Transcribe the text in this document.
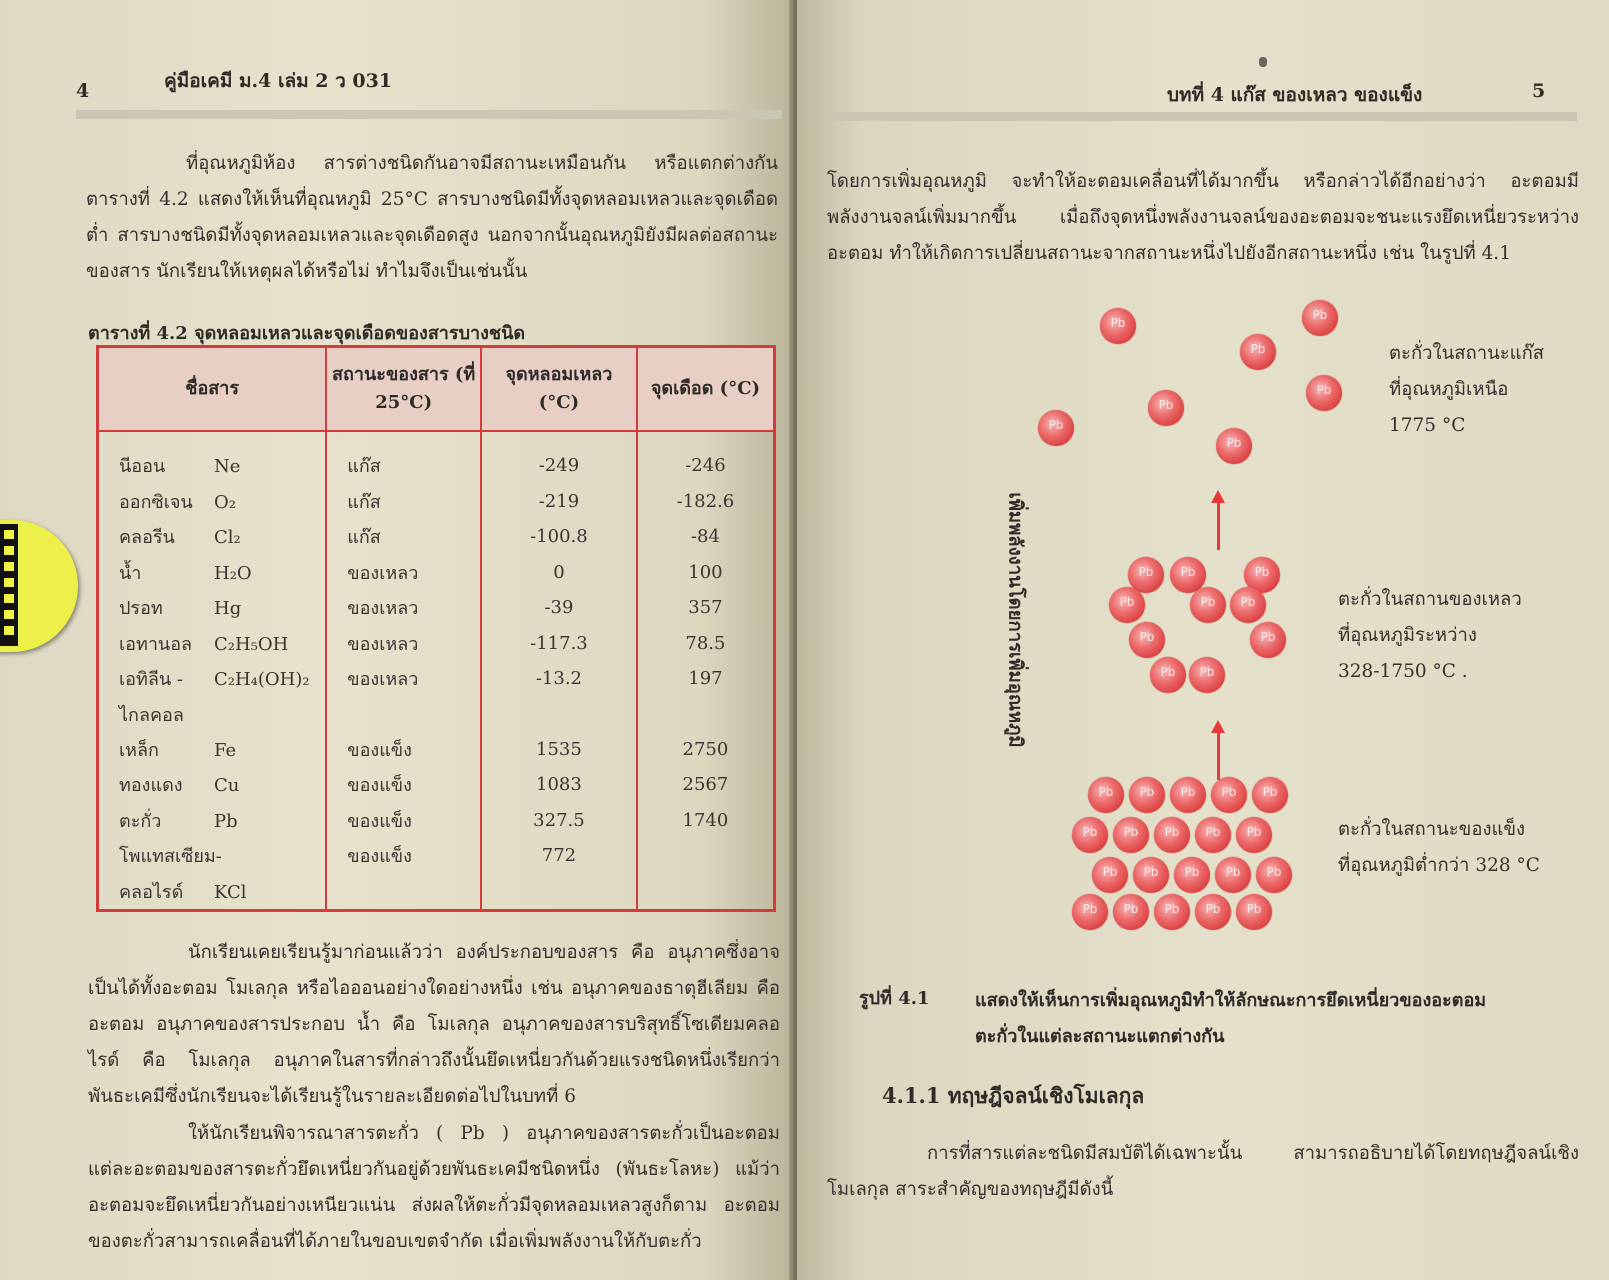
4	คู่มือเคมี ม.4 เล่ม 2 ว 031

ที่อุณหภูมิห้อง สารต่างชนิดกันอาจมีสถานะเหมือนกัน หรือแตกต่างกัน ตารางที่ 4.2 แสดงให้เห็นที่อุณหภูมิ 25°C สารบางชนิดมีทั้งจุดหลอมเหลวและจุดเดือดต่ำ สารบางชนิดมีทั้งจุดหลอมเหลวและจุดเดือดสูง นอกจากนั้นอุณหภูมิยังมีผลต่อสถานะของสาร นักเรียนให้เหตุผลได้หรือไม่ ทำไมจึงเป็นเช่นนั้น

ตารางที่ 4.2 จุดหลอมเหลวและจุดเดือดของสารบางชนิด
ชื่อสาร	สถานะของสาร (ที่ 25°C)	จุดหลอมเหลว (°C)	จุดเดือด (°C)
นีออน Ne	แก๊ส	-249	-246
ออกซิเจน O₂	แก๊ส	-219	-182.6
คลอรีน Cl₂	แก๊ส	-100.8	-84
น้ำ H₂O	ของเหลว	0	100
ปรอท Hg	ของเหลว	-39	357
เอทานอล C₂H₅OH	ของเหลว	-117.3	78.5
เอทิลีน - C₂H₄(OH)₂	ของเหลว	-13.2	197
ไกลคอล			
เหล็ก Fe	ของแข็ง	1535	2750
ทองแดง Cu	ของแข็ง	1083	2567
ตะกั่ว Pb	ของแข็ง	327.5	1740
โพแทสเซียม-	ของแข็ง	772	
คลอไรด์ KCl			

นักเรียนเคยเรียนรู้มาก่อนแล้วว่า องค์ประกอบของสาร คือ อนุภาคซึ่งอาจเป็นได้ทั้งอะตอม โมเลกุล หรือไอออนอย่างใดอย่างหนึ่ง เช่น อนุภาคของธาตุฮีเลียม คือ อะตอม อนุภาคของสารประกอบ น้ำ คือ โมเลกุล อนุภาคของสารบริสุทธิ์โซเดียมคลอไรด์ คือ โมเลกุล อนุภาคในสารที่กล่าวถึงนั้นยึดเหนี่ยวกันด้วยแรงชนิดหนึ่งเรียกว่า พันธะเคมีซึ่งนักเรียนจะได้เรียนรู้ในรายละเอียดต่อไปในบทที่ 6

ให้นักเรียนพิจารณาสารตะกั่ว ( Pb ) อนุภาคของสารตะกั่วเป็นอะตอม แต่ละอะตอมของสารตะกั่วยึดเหนี่ยวกันอยู่ด้วยพันธะเคมีชนิดหนึ่ง (พันธะโลหะ) แม้ว่าอะตอมจะยึดเหนี่ยวกันอย่างเหนียวแน่น ส่งผลให้ตะกั่วมีจุดหลอมเหลวสูงก็ตาม อะตอมของตะกั่วสามารถเคลื่อนที่ได้ภายในขอบเขตจำกัด เมื่อเพิ่มพลังงานให้กับตะกั่ว

บทที่ 4 แก๊ส ของเหลว ของแข็ง	5

โดยการเพิ่มอุณหภูมิ จะทำให้อะตอมเคลื่อนที่ได้มากขึ้น หรือกล่าวได้อีกอย่างว่า อะตอมมีพลังงานจลน์เพิ่มมากขึ้น เมื่อถึงจุดหนึ่งพลังงานจลน์ของอะตอมจะชนะแรงยึดเหนี่ยวระหว่างอะตอม ทำให้เกิดการเปลี่ยนสถานะจากสถานะหนึ่งไปยังอีกสถานะหนึ่ง เช่น ในรูปที่ 4.1

รูปที่ 4.1	แสดงให้เห็นการเพิ่มอุณหภูมิทำให้ลักษณะการยึดเหนี่ยวของอะตอม
ตะกั่วในแต่ละสถานะแตกต่างกัน

การที่สารแต่ละชนิดมีสมบัติได้เฉพาะนั้น สามารถอธิบายได้โดยทฤษฎีจลน์เชิงโมเลกุล สาระสำคัญของทฤษฎีมีดังนี้

4.1.1 ทฤษฎีจลน์เชิงโมเลกุล
Pb
Pb
Pb
Pb
Pb
Pb
Pb
Pb	Pb	Pb
Pb	Pb	Pb
Pb	Pb
Pb	Pb
Pb	Pb	Pb	Pb	Pb
Pb	Pb	Pb	Pb	Pb
Pb	Pb	Pb	Pb	Pb
Pb	Pb	Pb	Pb	Pb
เพิ่มพลังงานโดยการเพิ่มอุณหภูมิ
ตะกั่วในสถานะแก๊ส
ที่อุณหภูมิเหนือ
1775 °C
ตะกั่วในสถานของเหลว
ที่อุณหภูมิระหว่าง
328-1750 °C .
ตะกั่วในสถานะของแข็ง
ที่อุณหภูมิต่ำกว่า 328 °C
